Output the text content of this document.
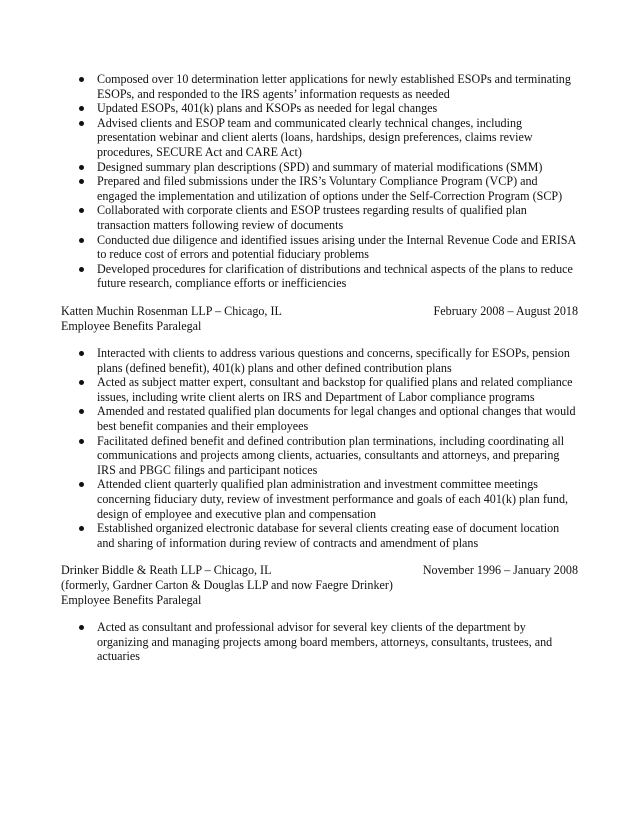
Composed over 10 determination letter applications for newly established ESOPs and terminating ESOPs, and responded to the IRS agents’ information requests as needed
Updated ESOPs, 401(k) plans and KSOPs as needed for legal changes
Advised clients and ESOP team and communicated clearly technical changes, including presentation webinar and client alerts (loans, hardships, design preferences, claims review procedures, SECURE Act and CARE Act)
Designed summary plan descriptions (SPD) and summary of material modifications (SMM)
Prepared and filed submissions under the IRS’s Voluntary Compliance Program (VCP) and engaged the implementation and utilization of options under the Self-Correction Program (SCP)
Collaborated with corporate clients and ESOP trustees regarding results of qualified plan transaction matters following review of documents
Conducted due diligence and identified issues arising under the Internal Revenue Code and ERISA to reduce cost of errors and potential fiduciary problems
Developed procedures for clarification of distributions and technical aspects of the plans to reduce future research, compliance efforts or inefficiencies
Katten Muchin Rosenman LLP – Chicago, IL	February 2008 – August 2018
Employee Benefits Paralegal
Interacted with clients to address various questions and concerns, specifically for ESOPs, pension plans (defined benefit), 401(k) plans and other defined contribution plans
Acted as subject matter expert, consultant and backstop for qualified plans and related compliance issues, including write client alerts on IRS and Department of Labor compliance programs
Amended and restated qualified plan documents for legal changes and optional changes that would best benefit companies and their employees
Facilitated defined benefit and defined contribution plan terminations, including coordinating all communications and projects among clients, actuaries, consultants and attorneys, and preparing IRS and PBGC filings and participant notices
Attended client quarterly qualified plan administration and investment committee meetings concerning fiduciary duty, review of investment performance and goals of each 401(k) plan fund, design of employee and executive plan and compensation
Established organized electronic database for several clients creating ease of document location and sharing of information during review of contracts and amendment of plans
Drinker Biddle & Reath LLP – Chicago, IL	November 1996 – January 2008
(formerly, Gardner Carton & Douglas LLP and now Faegre Drinker)
Employee Benefits Paralegal
Acted as consultant and professional advisor for several key clients of the department by organizing and managing projects among board members, attorneys, consultants, trustees, and actuaries
